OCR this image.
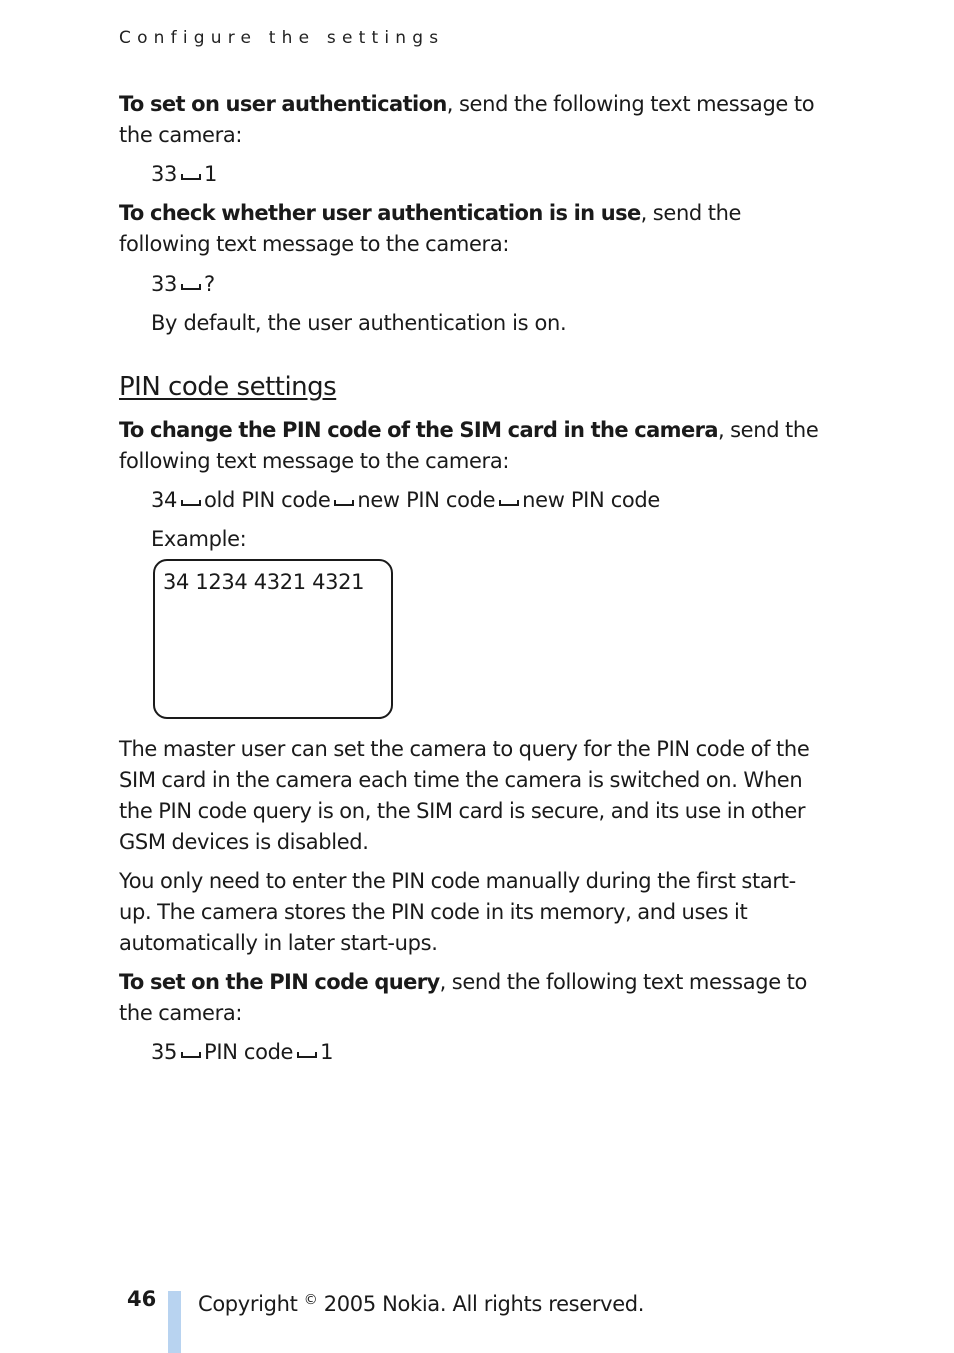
Configure the settings

To set on user authentication, send the following text message to the camera:

33 1

To check whether user authentication is in use, send the following text message to the camera:

33 ?
By default, the user authentication is on.
PIN code settings

To change the PIN code of the SIM card in the camera, send the following text message to the camera:

34 old PIN code new PIN code new PIN code
Example:
34 1234 4321 4321

The master user can set the camera to query for the PIN code of the SIM card in the camera each time the camera is switched on. When the PIN code query is on, the SIM card is secure, and its use in other GSM devices is disabled.

You only need to enter the PIN code manually during the first start-up. The camera stores the PIN code in its memory, and uses it automatically in later start-ups.

To set on the PIN code query, send the following text message to the camera:

35 PIN code 1
46 Copyright © 2005 Nokia. All rights reserved.
